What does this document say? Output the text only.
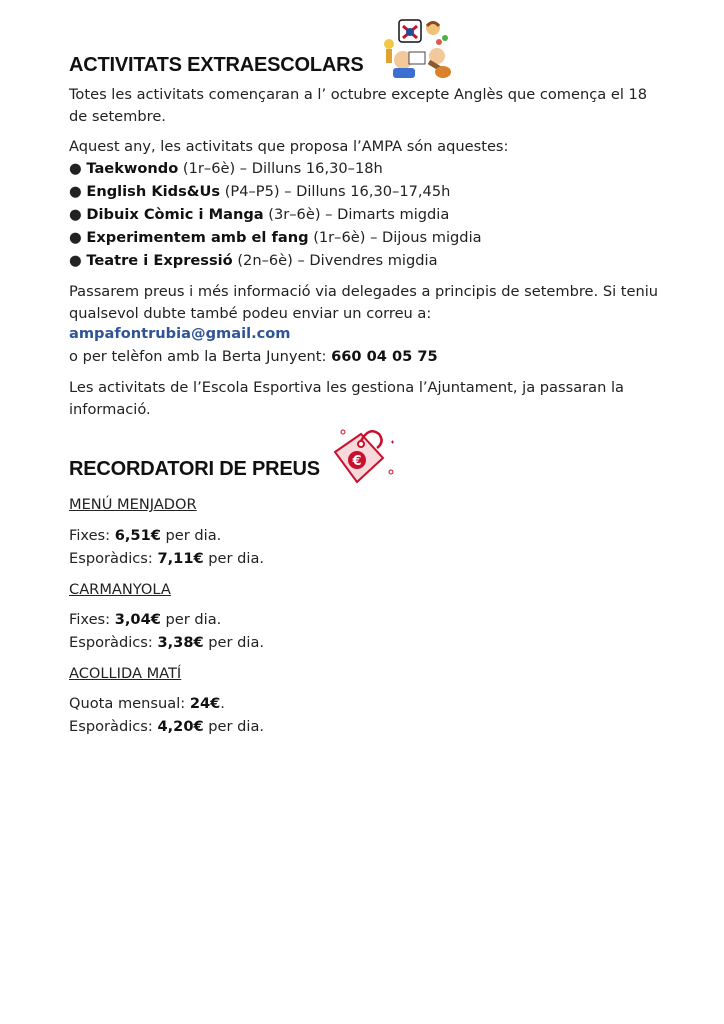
ACTIVITATS EXTRAESCOLARS
Totes les activitats començaran a l’ octubre excepte Anglès que comença el 18 de setembre.
Aquest any, les activitats que proposa l’AMPA són aquestes:
● Taekwondo (1r–6è) – Dilluns 16,30–18h
● English Kids&Us (P4–P5) – Dilluns 16,30–17,45h
● Dibuix Còmic i Manga (3r–6è) – Dimarts migdia
● Experimentem amb el fang (1r–6è) – Dijous migdia
● Teatre i Expressió (2n–6è) – Divendres migdia
Passarem preus i més informació via delegades a principis de setembre. Si teniu qualsevol dubte també podeu enviar un correu a:
ampafontrubia@gmail.com
o per telèfon amb la Berta Junyent: 660 04 05 75
Les activitats de l’Escola Esportiva les gestiona l’Ajuntament, ja passaran la informació.
RECORDATORI DE PREUS	€
MENÚ MENJADOR
Fixes: 6,51€ per dia.
Esporàdics: 7,11€ per dia.
CARMANYOLA
Fixes: 3,04€ per dia.
Esporàdics: 3,38€ per dia.
ACOLLIDA MATÍ
Quota mensual: 24€.
Esporàdics: 4,20€ per dia.
